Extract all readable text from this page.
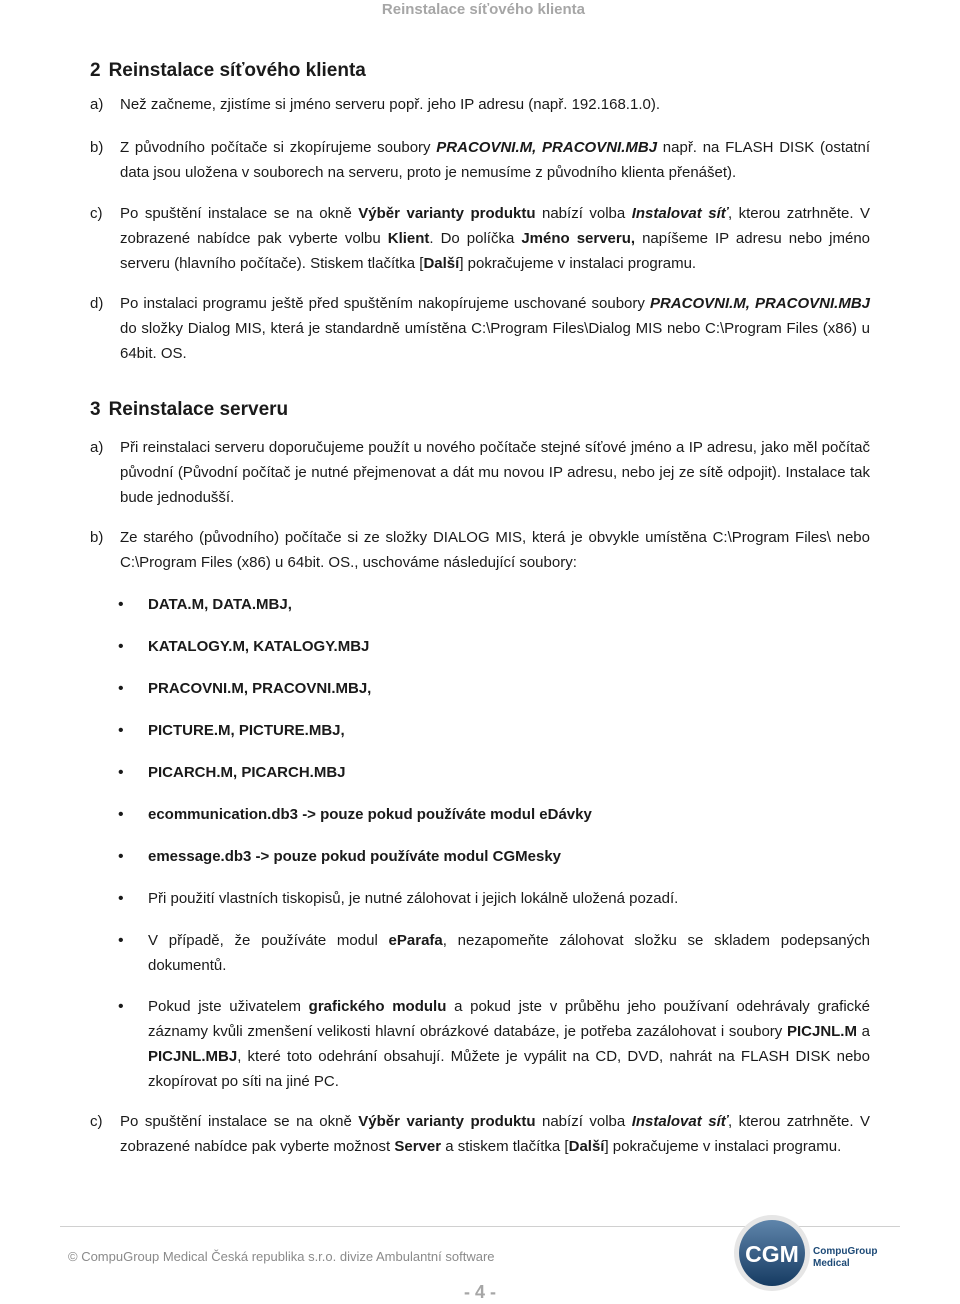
Reinstalace síťového klienta
2 Reinstalace síťového klienta
a) Než začneme, zjistíme si jméno serveru popř. jeho IP adresu (např. 192.168.1.0).
b) Z původního počítače si zkopírujeme soubory PRACOVNI.M, PRACOVNI.MBJ např. na FLASH DISK (ostatní data jsou uložena v souborech na serveru, proto je nemusíme z původního klienta přenášet).
c) Po spuštění instalace se na okně Výběr varianty produktu nabízí volba Instalovat síť, kterou zatrhněte. V zobrazené nabídce pak vyberte volbu Klient. Do políčka Jméno serveru, napíšeme IP adresu nebo jméno serveru (hlavního počítače). Stiskem tlačítka [Další] pokračujeme v instalaci programu.
d) Po instalaci programu ještě před spuštěním nakopírujeme uschované soubory PRACOVNI.M, PRACOVNI.MBJ do složky Dialog MIS, která je standardně umístěna C:\Program Files\Dialog MIS nebo C:\Program Files (x86) u 64bit. OS.
3 Reinstalace serveru
a) Při reinstalaci serveru doporučujeme použít u nového počítače stejné síťové jméno a IP adresu, jako měl počítač původní (Původní počítač je nutné přejmenovat a dát mu novou IP adresu, nebo jej ze sítě odpojit). Instalace tak bude jednodušší.
b) Ze starého (původního) počítače si ze složky DIALOG MIS, která je obvykle umístěna C:\Program Files\ nebo C:\Program Files (x86) u 64bit. OS., uschováme následující soubory:
• DATA.M, DATA.MBJ,
• KATALOGY.M, KATALOGY.MBJ
• PRACOVNI.M, PRACOVNI.MBJ,
• PICTURE.M, PICTURE.MBJ,
• PICARCH.M, PICARCH.MBJ
• ecommunication.db3 -> pouze pokud používáte modul eDávky
• emessage.db3 -> pouze pokud používáte modul CGMesky
• Při použití vlastních tiskopisů, je nutné zálohovat i jejich lokálně uložená pozadí.
• V případě, že používáte modul eParafa, nezapomeňte zálohovat složku se skladem podepsaných dokumentů.
• Pokud jste uživatelem grafického modulu a pokud jste v průběhu jeho používaní odehrávaly grafické záznamy kvůli zmenšení velikosti hlavní obrázkové databáze, je potřeba zazálohovat i soubory PICJNL.M a PICJNL.MBJ, které toto odehrání obsahují. Můžete je vypálit na CD, DVD, nahrát na FLASH DISK nebo zkopírovat po síti na jiné PC.
c) Po spuštění instalace se na okně Výběr varianty produktu nabízí volba Instalovat síť, kterou zatrhněte. V zobrazené nabídce pak vyberte možnost Server a stiskem tlačítka [Další] pokračujeme v instalaci programu.
© CompuGroup Medical Česká republika s.r.o. divize Ambulantní software
- 4 -
CGM CompuGroup
Medical
